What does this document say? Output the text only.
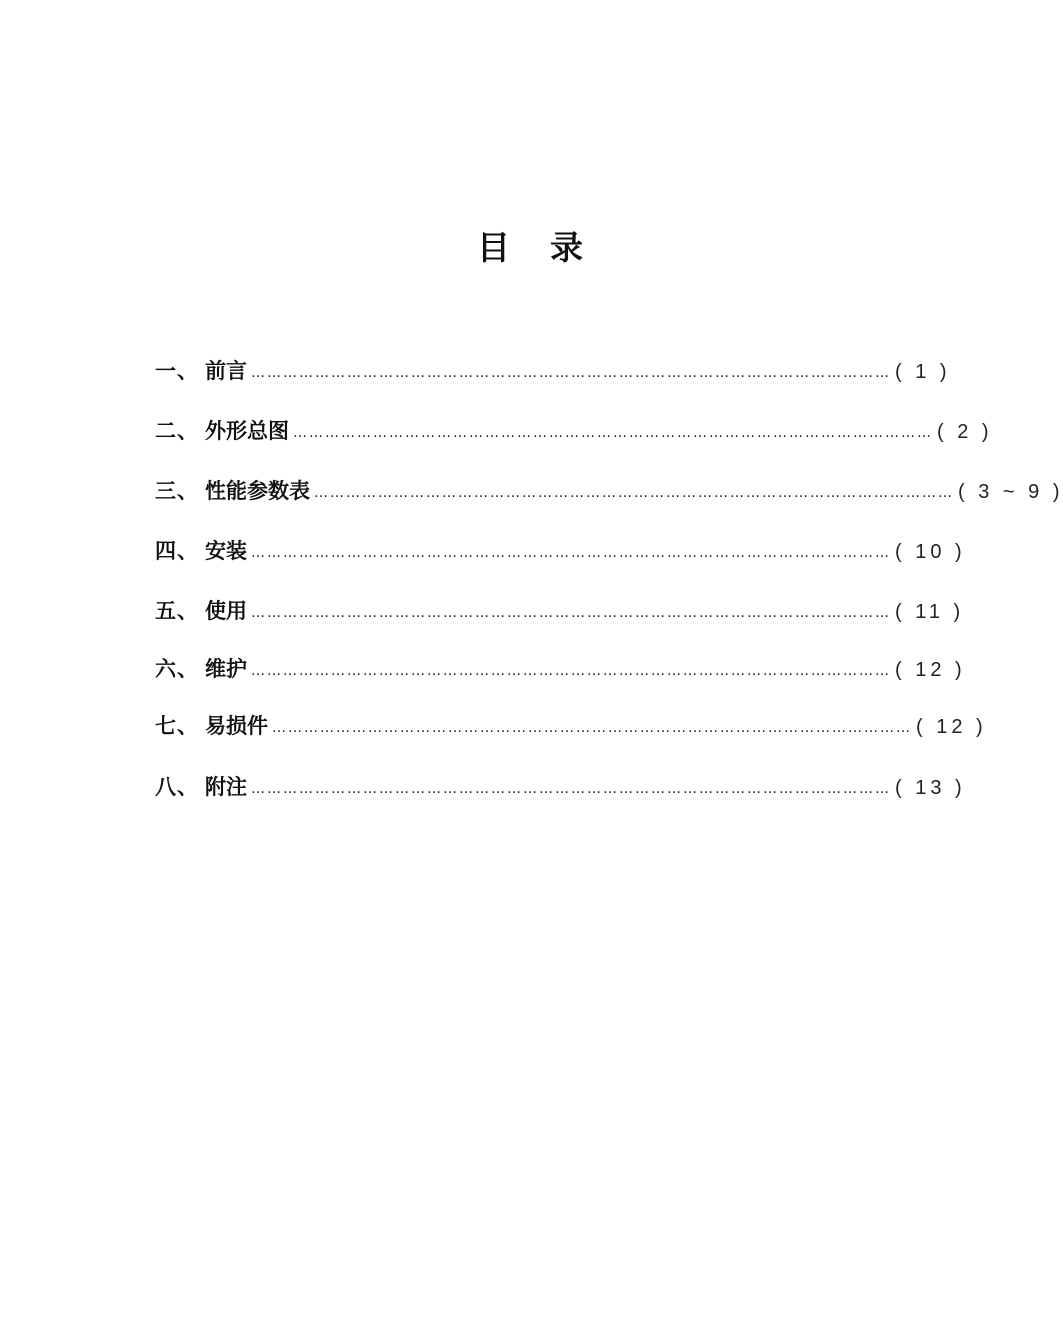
目 录
一 、 前言 ………………………………………………………………………………………………………… ( 1 )
二 、 外形总图 ………………………………………………………………………………………………………… ( 2 )
三 、 性能参数表 ………………………………………………………………………………………………………… ( 3 ~ 9 )
四 、 安装 ………………………………………………………………………………………………………… ( 10 )
五 、 使用 ………………………………………………………………………………………………………… ( 11 )
六 、 维护 ………………………………………………………………………………………………………… ( 12 )
七 、 易损件 ………………………………………………………………………………………………………… ( 12 )
八 、 附注 ………………………………………………………………………………………………………… ( 13 )
